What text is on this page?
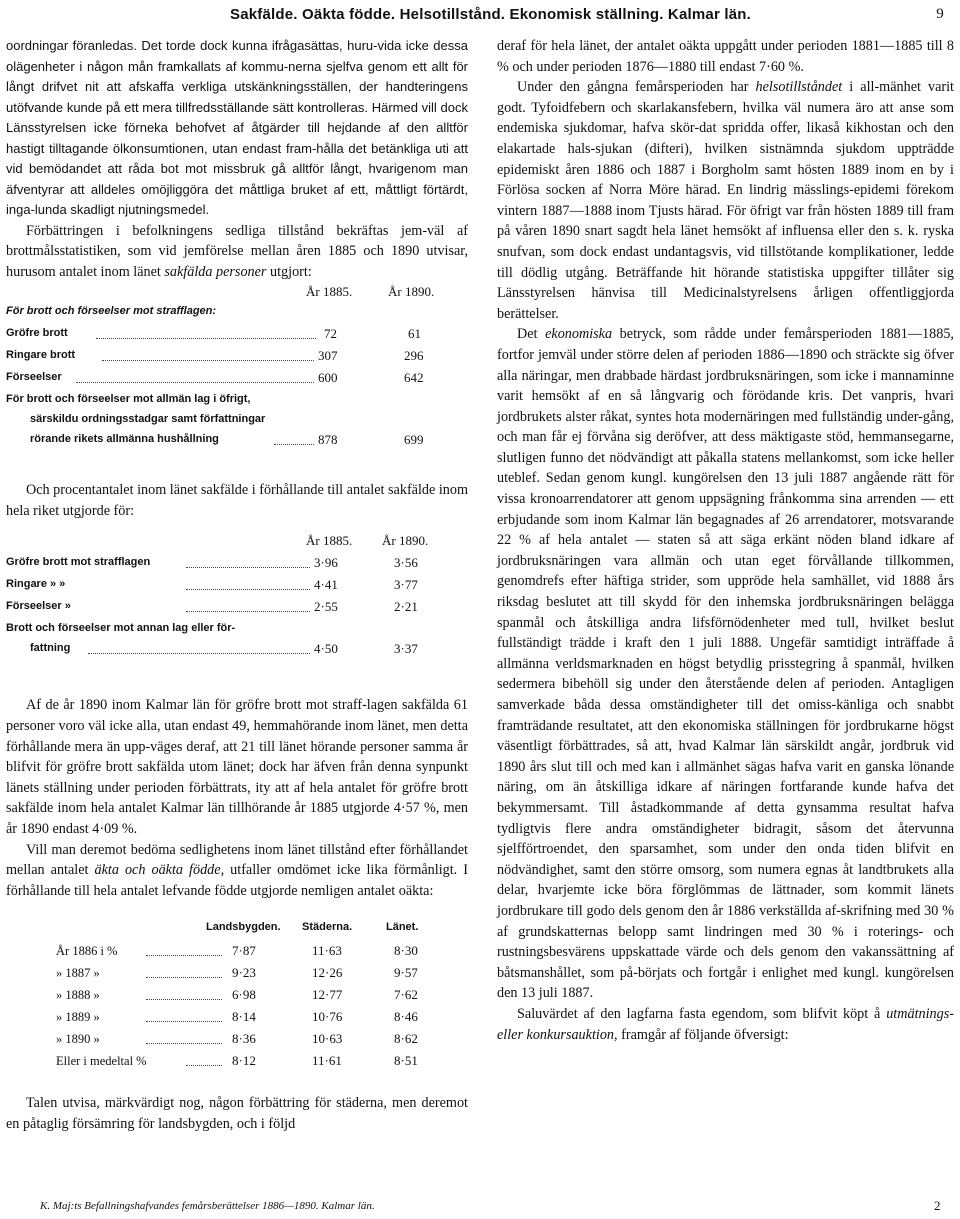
Sakfälde. Oäkta födde. Helsotillstånd. Ekonomisk ställning. Kalmar län.	9

oordningar föranledas. Det torde dock kunna ifrågasättas, huru-vida icke dessa olägenheter i någon mån framkallats af kommu-nerna sjelfva genom ett allt för långt drifvet nit att afskaffa verkliga utskänkningsställen, der handteringens utöfvande kunde på ett mera tillfredsställande sätt kontrolleras. Härmed vill dock Länsstyrelsen icke förneka behofvet af åtgärder till hejdande af den alltför hastigt tilltagande ölkonsumtionen, utan endast fram-hålla det betänkliga uti att vid bemödandet att råda bot mot missbruk gå alltför långt, hvarigenom man äfventyrar att alldeles omöjliggöra det måttliga bruket af ett, måttligt förtärdt, inga-lunda skadligt njutningsmedel.

Förbättringen i befolkningens sedliga tillstånd bekräftas jem-väl af brottmålsstatistiken, som vid jemförelse mellan åren 1885 och 1890 utvisar, hurusom antalet inom länet sakfälda personer utgjort:

År 1885.	År 1890.
För brott och förseelser mot strafflagen:
Gröfre brott	72	61
Ringare brott	307	296
Förseelser	600	642
För brott och förseelser mot allmän lag i öfrigt,
särskildu ordningsstadgar samt författningar
rörande rikets allmänna hushållning	878	699

Och procentantalet inom länet sakfälde i förhållande till antalet sakfälde inom hela riket utgjorde för:

År 1885. År 1890.
Gröfre brott mot strafflagen	3·96	3·56
Ringare » »	4·41	3·77
Förseelser »	2·55	2·21
Brott och förseelser mot annan lag eller för-
fattning	4·50	3·37

Af de år 1890 inom Kalmar län för gröfre brott mot straff-lagen sakfälda 61 personer voro väl icke alla, utan endast 49, hemmahörande inom länet, men detta förhållande mera än upp-väges deraf, att 21 till länet hörande personer samma år blifvit för gröfre brott sakfälda utom länet; dock har äfven från denna synpunkt länets ställning under perioden förbättrats, ity att af hela antalet för gröfre brott sakfälde inom hela antalet Kalmar län tillhörande år 1885 utgjorde 4·57 %, men år 1890 endast 4·09 %.

Vill man deremot bedöma sedlighetens inom länet tillstånd efter förhållandet mellan antalet äkta och oäkta födde, utfaller omdömet icke lika förmånligt. I förhållande till hela antalet lefvande födde utgjorde nemligen antalet oäkta:

Landsbygden. Städerna.	Länet.
År 1886 i %	7·87	11·63	8·30
» 1887 »	9·23	12·26	9·57
» 1888 »	6·98	12·77	7·62
» 1889 »	8·14	10·76	8·46
» 1890 »	8·36	10·63	8·62
Eller i medeltal %	8·12	11·61	8·51

Talen utvisa, märkvärdigt nog, någon förbättring för städerna, men deremot en påtaglig försämring för landsbygden, och i följd

deraf för hela länet, der antalet oäkta uppgått under perioden 1881—1885 till 8 % och under perioden 1876—1880 till endast 7·60 %.

Under den gångna femårsperioden har helsotillståndet i all-mänhet varit godt. Tyfoidfebern och skarlakansfebern, hvilka väl numera äro att anse som endemiska sjukdomar, hafva skör-dat spridda offer, likaså kikhostan och den elakartade hals-sjukan (difteri), hvilken sistnämnda sjukdom uppträdde epidemiskt åren 1886 och 1887 i Borgholm samt hösten 1889 inom en by i Förlösa socken af Norra Möre härad. En lindrig mässlings-epidemi förekom vintern 1887—1888 inom Tjusts härad. För öfrigt var från hösten 1889 till fram på våren 1890 snart sagdt hela länet hemsökt af influensa eller den s. k. ryska snufvan, som dock endast undantagsvis, vid tillstötande komplikationer, ledde till dödlig utgång. Beträffande hit hörande statistiska uppgifter tillåter sig Länsstyrelsen hänvisa till Medicinalstyrelsens årligen offentliggjorda berättelser.

Det ekonomiska betryck, som rådde under femårsperioden 1881—1885, fortfor jemväl under större delen af perioden 1886—1890 och sträckte sig öfver alla näringar, men drabbade härdast jordbruksnäringen, som icke i mannaminne varit hemsökt af en så långvarig och förödande kris. Det vanpris, hvari jordbrukets alster råkat, syntes hota modernäringen med fullständig under-gång, och man får ej förvåna sig deröfver, att dess mäktigaste stöd, hemmansegarne, slutligen funno det nödvändigt att påkalla statens mellankomst, som icke heller uteblef. Sedan genom kungl. kungörelsen den 13 juli 1887 angående rätt för vissa kronoarrendatorer att genom uppsägning frånkomma sina arrenden — ett erbjudande som inom Kalmar län begagnades af 26 arrendatorer, motsvarande 22 % af hela antalet — staten så att säga erkänt nöden bland idkare af jordbruksnäringen vara allmän och utan eget förvållande tillkommen, genomdrefs efter häftiga strider, som uppröde hela samhället, vid 1888 års riksdag beslutet att till skydd för den inhemska jordbruksnäringen belägga spanmål och åtskilliga andra lifsförnödenheter med tull, hvilket beslut fullständigt trädde i kraft den 1 juli 1888. Ungefär samtidigt inträffade å allmänna verldsmarknaden en högst betydlig prisstegring å spanmål, hvilken sedermera bibehöll sig under den återstående delen af perioden. Antagligen samverkade båda dessa omständigheter till det omiss-känliga och snabbt framträdande resultatet, att den ekonomiska ställningen för jordbrukarne högst väsentligt förbättrades, så att, hvad Kalmar län särskildt angår, jordbruk vid 1890 års slut till och med kan i allmänhet sägas hafva varit en ganska lönande näring, om än åtskilliga idkare af näringen fortfarande kunde hafva det bekymmersamt. Till åstadkommande af detta gynsamma resultat hafva tydligtvis flere andra omständigheter bidragit, såsom det återvunna sjelfförtroendet, den sparsamhet, som under den onda tiden blifvit en nödvändighet, samt den större omsorg, som numera egnas åt landtbrukets alla delar, hvarjemte icke böra förglömmas de lättnader, som kommit länets jordbrukare till godo dels genom den år 1886 verkställda af-skrifning med 30 % af grundskatternas belopp samt lindringen med 30 % i roterings- och rustningsbesvärens uppskattade värde och dels genom den vakanssättning af båtsmanshållet, som på-börjats och fortgår i enlighet med kungl. kungörelsen den 13 juli 1887.

Saluvärdet af den lagfarna fasta egendom, som blifvit köpt å utmätnings- eller konkursauktion, framgår af följande öfversigt:

K. Maj:ts Befallningshafvandes femårsberättelser 1886—1890. Kalmar län.	2
